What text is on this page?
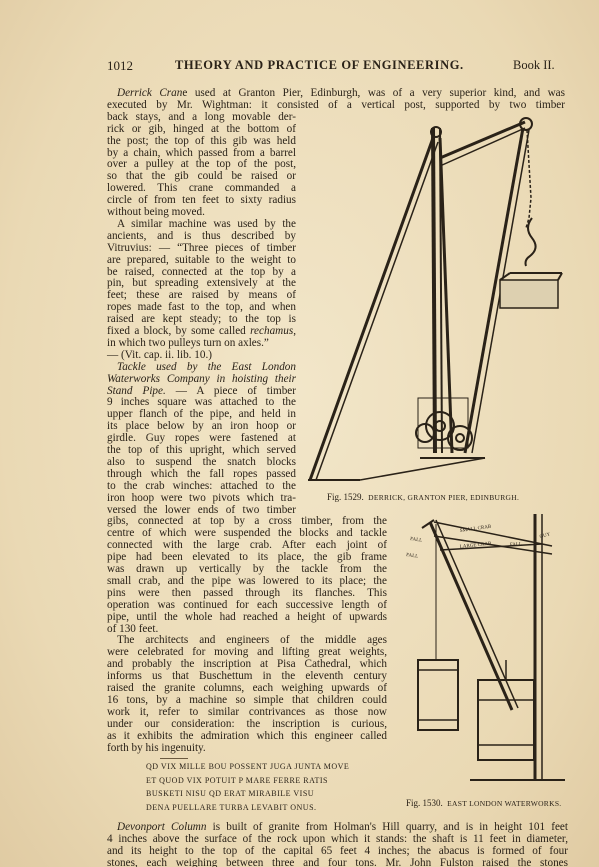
1012	THEORY AND PRACTICE OF ENGINEERING.	Book II.
Derrick Crane used at Granton Pier, Edinburgh, was of a very superior kind, and was
executed by Mr. Wightman: it consisted of a vertical post, supported by two timber
back stays, and a long movable der-
rick or gib, hinged at the bottom of
the post; the top of this gib was held
by a chain, which passed from a barrel
over a pulley at the top of the post,
so that the gib could be raised or
lowered. This crane commanded a
circle of from ten feet to sixty radius
without being moved.
A similar machine was used by the
ancients, and is thus described by
Vitruvius: — “Three pieces of timber
are prepared, suitable to the weight to
be raised, connected at the top by a
pin, but spreading extensively at the
feet; these are raised by means of
ropes made fast to the top, and when
raised are kept steady; to the top is
fixed a block, by some called rechamus,
in which two pulleys turn on axles.”
— (Vit. cap. ii. lib. 10.)
Tackle used by the East London
Waterworks Company in hoisting their
Stand Pipe. — A piece of timber
9 inches square was attached to the
upper flanch of the pipe, and held in
its place below by an iron hoop or
girdle. Guy ropes were fastened at
the top of this upright, which served
also to suspend the snatch blocks
through which the fall ropes passed
to the crab winches: attached to the
iron hoop were two pivots which tra-
versed the lower ends of two timber
gibs, connected at top by a cross timber, from the
centre of which were suspended the blocks and tackle
connected with the large crab. After each joint of
pipe had been elevated to its place, the gib frame
was drawn up vertically by the tackle from the
small crab, and the pipe was lowered to its place; the
pins were then passed through its flanches. This
operation was continued for each successive length of
pipe, until the whole had reached a height of upwards
of 130 feet.
The architects and engineers of the middle ages
were celebrated for moving and lifting great weights,
and probably the inscription at Pisa Cathedral, which
informs us that Buschettum in the eleventh century
raised the granite columns, each weighing upwards of
16 tons, by a machine so simple that children could
work it, refer to similar contrivances as those now
under our consideration: the inscription is curious,
as it exhibits the admiration which this engineer called
forth by his ingenuity.
QD VIX MILLE BOU POSSENT JUGA JUNTA MOVE
ET QUOD VIX POTUIT P MARE FERRE RATIS
BUSKETI NISU QD ERAT MIRABILE VISU
DENA PUELLARE TURBA LEVABIT ONUS.
Devonport Column is built of granite from Holman's Hill quarry, and is in height 101 feet
4 inches above the surface of the rock upon which it stands: the shaft is 11 feet in diameter,
and its height to the top of the capital 65 feet 4 inches; the abacus is formed of four
stones, each weighing between three and four tons. Mr. John Fulston raised the stones
Fig. 1529. DERRICK, GRANTON PIER, EDINBURGH.
FALL
SMALL CRAB
FALL
LARGE CRAB	FALL
GUY
Fig. 1530. EAST LONDON WATERWORKS.
